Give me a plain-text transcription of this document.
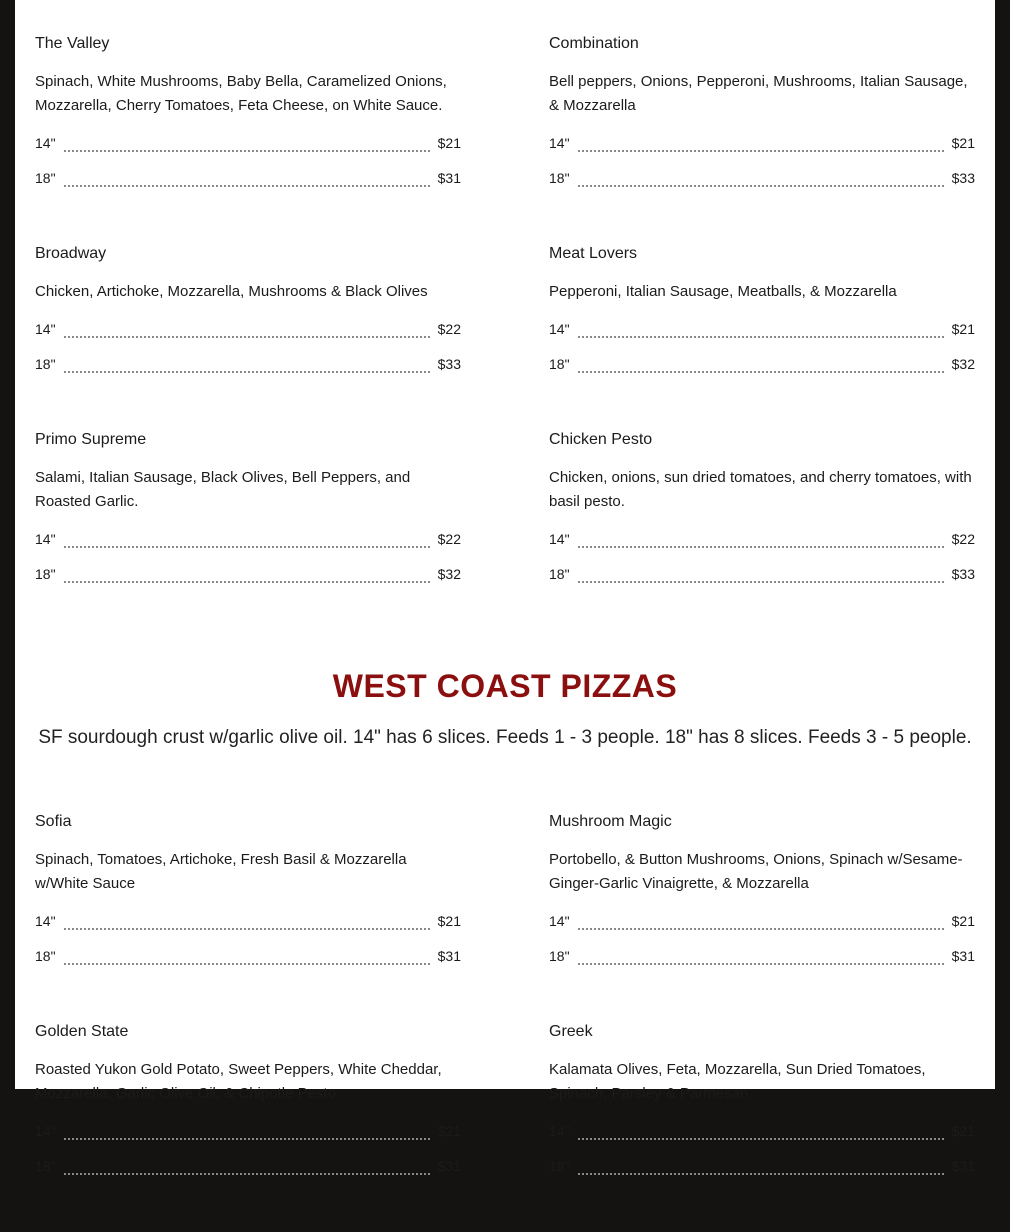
The Valley
Spinach, White Mushrooms, Baby Bella, Caramelized Onions, Mozzarella, Cherry Tomatoes, Feta Cheese, on White Sauce.
14"	$21
18"	$31
Combination
Bell peppers, Onions, Pepperoni, Mushrooms, Italian Sausage, & Mozzarella
14"	$21
18"	$33
Broadway
Chicken, Artichoke, Mozzarella, Mushrooms & Black Olives
14"	$22
18"	$33
Meat Lovers
Pepperoni, Italian Sausage, Meatballs, & Mozzarella
14"	$21
18"	$32
Primo Supreme
Salami, Italian Sausage, Black Olives, Bell Peppers, and Roasted Garlic.
14"	$22
18"	$32
Chicken Pesto
Chicken, onions, sun dried tomatoes, and cherry tomatoes, with basil pesto.
14"	$22
18"	$33
WEST COAST PIZZAS
SF sourdough crust w/garlic olive oil. 14" has 6 slices. Feeds 1 - 3 people. 18" has 8 slices. Feeds 3 - 5 people.
Sofia
Spinach, Tomatoes, Artichoke, Fresh Basil & Mozzarella w/White Sauce
14"	$21
18"	$31
Mushroom Magic
Portobello, & Button Mushrooms, Onions, Spinach w/Sesame-Ginger-Garlic Vinaigrette, & Mozzarella
14"	$21
18"	$31
Golden State
Roasted Yukon Gold Potato, Sweet Peppers, White Cheddar, Mozzarella, Garlic Olive Oil, & Chipotle Pesto
14"	$21
18"	$31
Greek
Kalamata Olives, Feta, Mozzarella, Sun Dried Tomatoes, Spinach, Parsley & Parmesan
14"	$21
18"	$31
